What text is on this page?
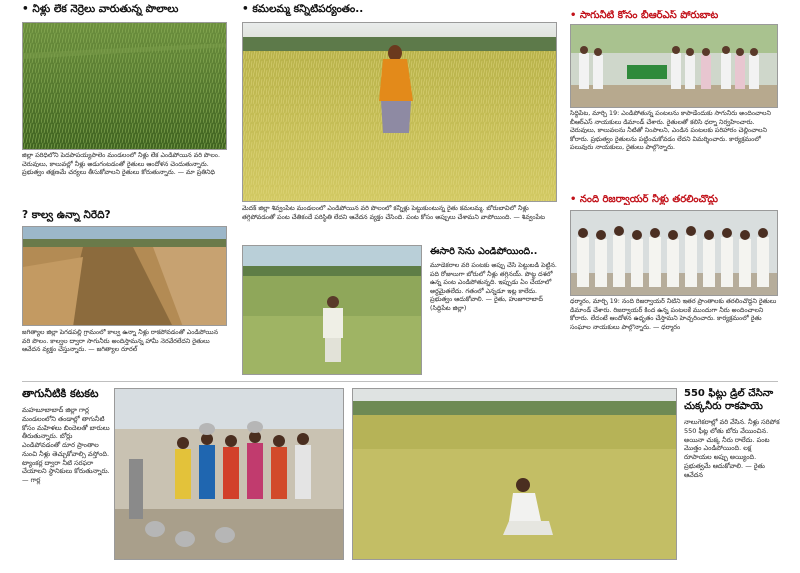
• నీళ్లు లేక నెర్రెలు వారుతున్న పొలాలు
జిల్లా పరిధిలోని పెదపాపయ్యపాలెం మండలంలో నీళ్లు లేక ఎండిపోయిన వరి పొలం. చెరువులు, కాలువల్లో నీళ్లు అడుగంటడంతో రైతులు ఆందోళన చెందుతున్నారు. ప్రభుత్వం తక్షణమే చర్యలు తీసుకోవాలని రైతులు కోరుతున్నారు. — మా ప్రతినిధి
• కమలమ్మ కన్నీటిపర్యంతం..
మెదక్ జిల్లా శివ్వంపేట మండలంలో ఎండిపోయిన వరి పొలంలో కన్నీళ్లు పెట్టుకుంటున్న రైతు కమలమ్మ. బోరుబావిలో నీళ్లు తగ్గిపోవడంతో పంట చేతికందే పరిస్థితి లేదని ఆవేదన వ్యక్తం చేసింది. పంట కోసం అప్పులు చేశామని వాపోయింది. — శివ్వంపేట
• సాగునీటి కోసం బీఆర్‌ఎస్ పోరుబాట
సిద్దిపేట, మార్చి 19: ఎండిపోతున్న పంటలను కాపాడేందుకు సాగునీరు అందించాలని బీఆర్‌ఎస్ నాయకులు డిమాండ్ చేశారు. రైతులతో కలిసి ధర్నా నిర్వహించారు. చెరువులు, కాలువలను నీటితో నింపాలని, ఎండిన పంటలకు పరిహారం చెల్లించాలని కోరారు. ప్రభుత్వం రైతులను పట్టించుకోవడం లేదని విమర్శించారు. కార్యక్రమంలో పలువురు నాయకులు, రైతులు పాల్గొన్నారు.
? కాల్వ ఉన్నా నీరేది?
జగిత్యాల జిల్లా పెగడపల్లి గ్రామంలో కాల్వ ఉన్నా నీళ్లు రాకపోవడంతో ఎండిపోయిన వరి పొలం. కాల్వల ద్వారా సాగునీరు అందిస్తామన్న హామీ నెరవేరలేదని రైతులు ఆవేదన వ్యక్తం చేస్తున్నారు. — జగిత్యాల రూరల్
ఈసారి సేను ఎండిపోయింది..
మూడెకరాల వరి పంటకు అప్పు చేసి పెట్టుబడి పెట్టిన. పది రోజులుగా బోరులో నీళ్లు తగ్గినయ్. పొట్ట దశలో ఉన్న పంట ఎండిపోతున్నది. ఇప్పుడు ఏం చేయాలో అర్థమైతలేదు. గతంలో ఎన్నడూ ఇట్ల కాలేదు. ప్రభుత్వం ఆదుకోవాలి. — రైతు, హుజూరాబాద్ (సిద్దిపేట జిల్లా)
• నంది రిజర్వాయర్ నీళ్లు తరలించొద్దు
ధర్మారం, మార్చి 19: నంది రిజర్వాయర్ నీటిని ఇతర ప్రాంతాలకు తరలించొద్దని రైతులు డిమాండ్ చేశారు. రిజర్వాయర్ కింద ఉన్న పంటలకే ముందుగా నీరు అందించాలని కోరారు. లేదంటే ఆందోళన ఉధృతం చేస్తామని హెచ్చరించారు. కార్యక్రమంలో రైతు సంఘాల నాయకులు పాల్గొన్నారు. — ధర్మారం
తాగునీటికి కటకట
మహబూబాబాద్ జిల్లా గార్ల మండలంలోని తండాల్లో తాగునీటి కోసం మహిళలు బిందెలతో బారులు తీరుతున్నారు. బోర్లు ఎండిపోవడంతో దూర ప్రాంతాల నుంచి నీళ్లు తెచ్చుకోవాల్సి వస్తోంది. ట్యాంకర్ల ద్వారా నీటి సరఫరా చేయాలని స్థానికులు కోరుతున్నారు. — గార్ల
550 ఫీట్లు డ్రిల్ చేసినా చుక్కనీరు రాకపాయె
నాలుగెకరాల్లో వరి వేసిన. నీళ్లు సరిపోక 550 ఫీట్ల లోతు బోరు వేయించిన. అయినా చుక్క నీరు రాలేదు. పంట మొత్తం ఎండిపోయింది. లక్ష రూపాయల అప్పు అయ్యింది. ప్రభుత్వమే ఆదుకోవాలి. — రైతు ఆవేదన
